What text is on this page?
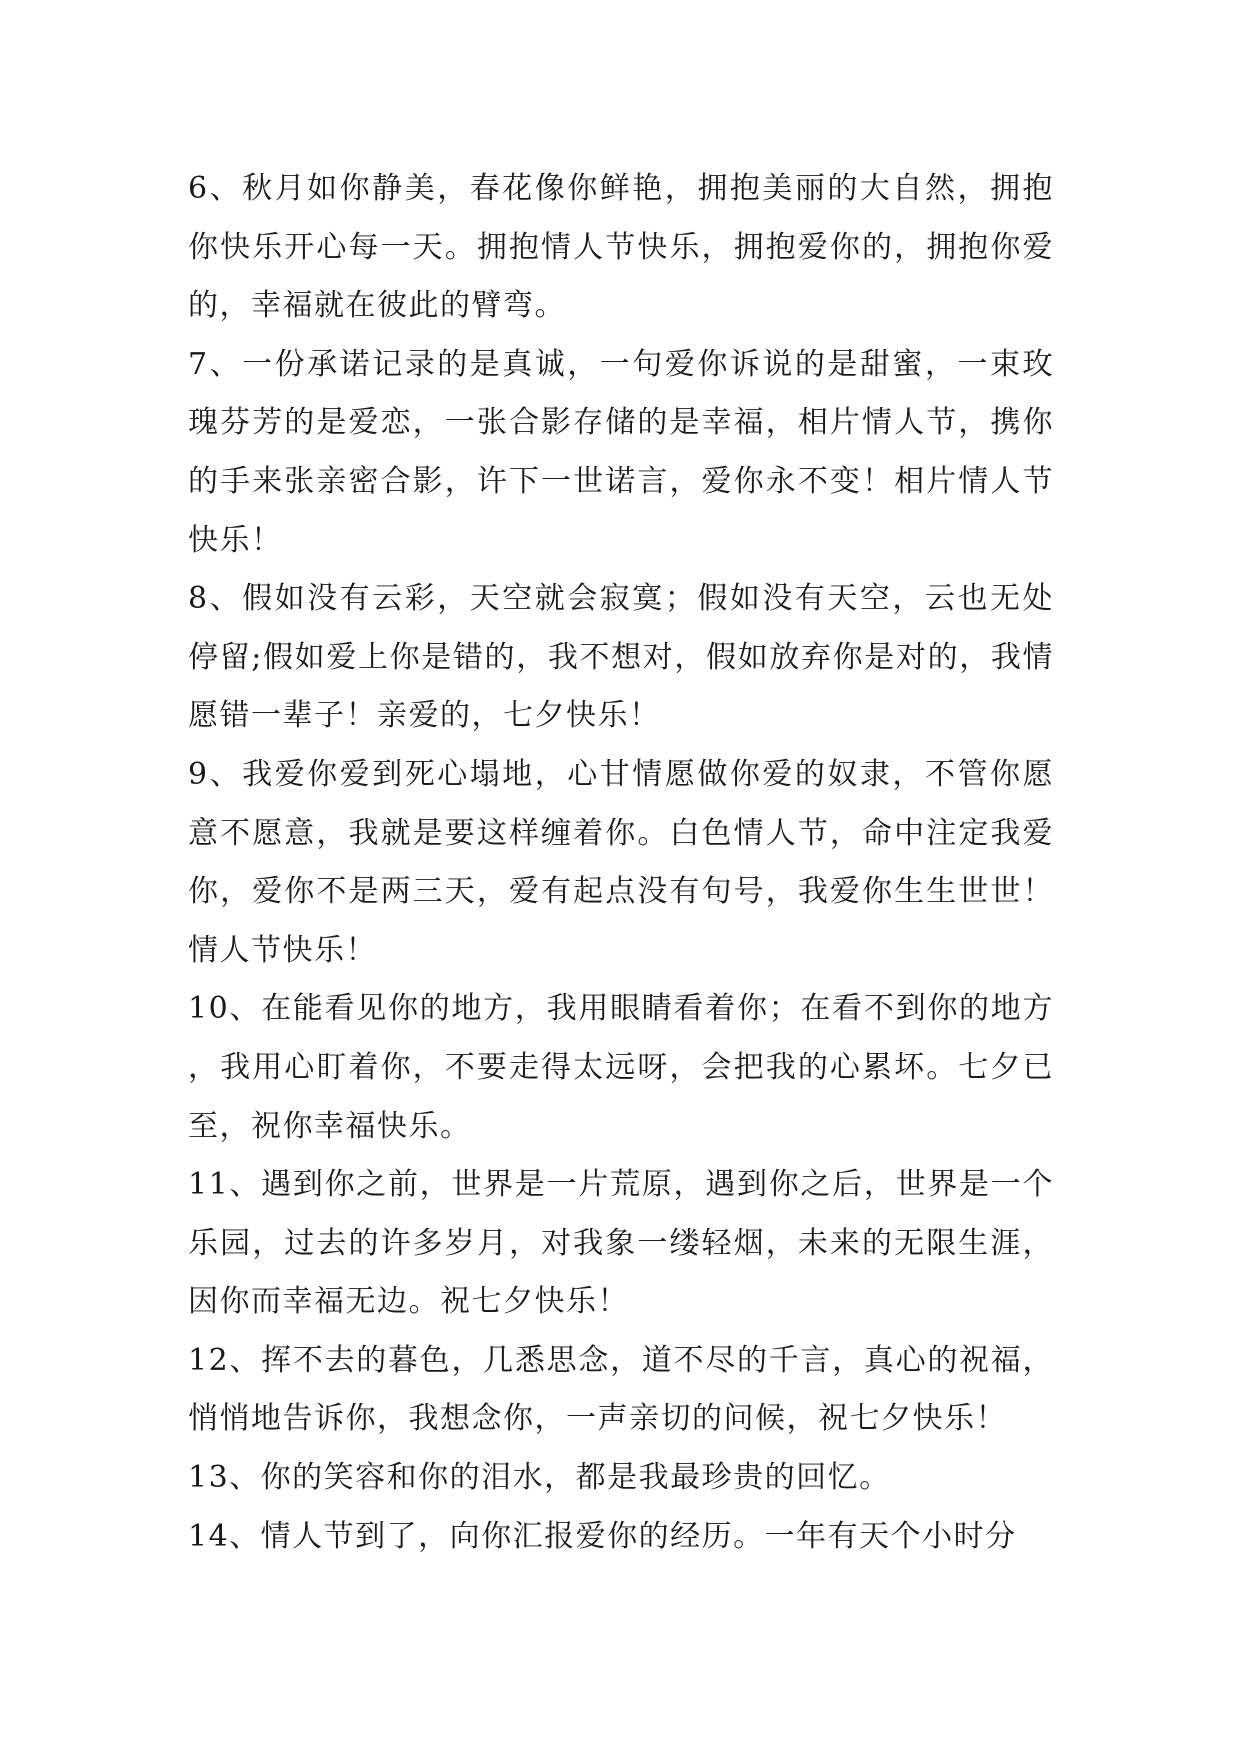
6、秋月如你静美，春花像你鲜艳，拥抱美丽的大自然，拥抱你快乐开心每一天。拥抱情人节快乐，拥抱爱你的，拥抱你爱的，幸福就在彼此的臂弯。

7、一份承诺记录的是真诚，一句爱你诉说的是甜蜜，一束玫瑰芬芳的是爱恋，一张合影存储的是幸福，相片情人节，携你的手来张亲密合影，许下一世诺言，爱你永不变！相片情人节快乐！

8、假如没有云彩，天空就会寂寞；假如没有天空，云也无处停留;假如爱上你是错的，我不想对，假如放弃你是对的，我情愿错一辈子！亲爱的，七夕快乐！

9、我爱你爱到死心塌地，心甘情愿做你爱的奴隶，不管你愿意不愿意，我就是要这样缠着你。白色情人节，命中注定我爱你，爱你不是两三天，爱有起点没有句号，我爱你生生世世！情人节快乐！

10、在能看见你的地方，我用眼睛看着你；在看不到你的地方，我用心盯着你，不要走得太远呀，会把我的心累坏。七夕已至，祝你幸福快乐。

11、遇到你之前，世界是一片荒原，遇到你之后，世界是一个乐园，过去的许多岁月，对我象一缕轻烟，未来的无限生涯，因你而幸福无边。祝七夕快乐！

12、挥不去的暮色，几悉思念，道不尽的千言，真心的祝福，悄悄地告诉你，我想念你，一声亲切的问候，祝七夕快乐！

13、你的笑容和你的泪水，都是我最珍贵的回忆。

14、情人节到了，向你汇报爱你的经历。一年有天个小时分
